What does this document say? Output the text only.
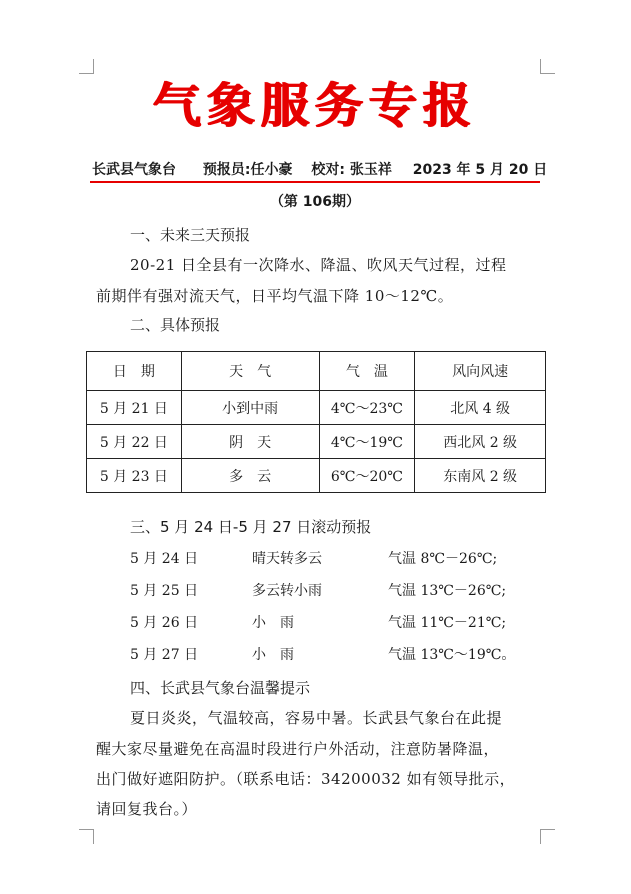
气象服务专报
长武县气象台 预报员:任小豪 校对: 张玉祥 2023 年 5 月 20 日
（第 106期）
一、未来三天预报
20-21 日全县有一次降水、降温、吹风天气过程，过程
前期伴有强对流天气，日平均气温下降 10～12℃。
二、具体预报
日　期	天　气	气　温	风向风速
5 月 21 日	小到中雨	4℃～23℃	北风 4 级
5 月 22 日	阴　天	4℃～19℃	西北风 2 级
5 月 23 日	多　云	6℃～20℃	东南风 2 级
三、5 月 24 日-5 月 27 日滚动预报
5 月 24 日	晴天转多云	气温 8℃－26℃;
5 月 25 日	多云转小雨	气温 13℃－26℃;
5 月 26 日	小　雨	气温 11℃－21℃;
5 月 27 日	小　雨	气温 13℃～19℃。
四、长武县气象台温馨提示
夏日炎炎，气温较高，容易中暑。长武县气象台在此提
醒大家尽量避免在高温时段进行户外活动，注意防暑降温，
出门做好遮阳防护。（联系电话：34200032 如有领导批示，
请回复我台。）
